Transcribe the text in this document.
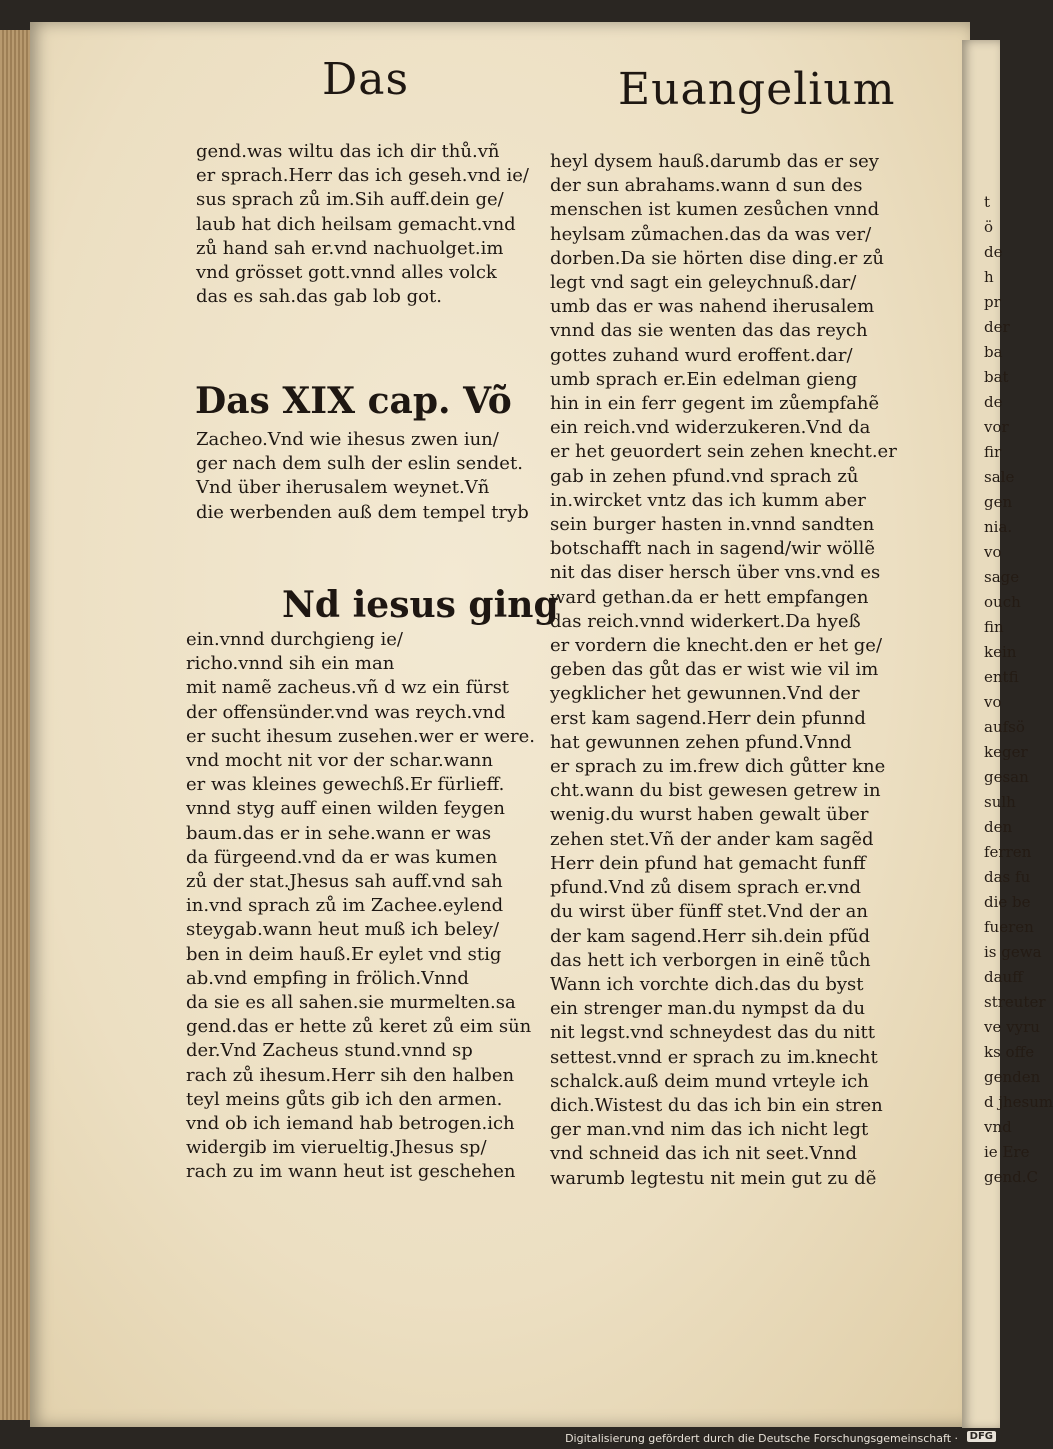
Das	Euangelium
gend.was wiltu das ich dir thů.vñ
er sprach.Herr das ich geseh.vnd ie/
sus sprach zů im.Sih auff.dein ge/
laub hat dich heilsam gemacht.vnd
zů hand sah er.vnd nachuolget.im
vnd grösset gott.vnnd alles volck
das es sah.das gab lob got.
Das XIX cap. Võ
Zacheo.Vnd wie ihesus zwen iun/
ger nach dem sulh der eslin sendet.
Vnd über iherusalem weynet.Vñ
die werbenden auß dem tempel tryb
Nd iesus ging
ein.vnnd durchgieng ie/
richo.vnnd sih ein man
mit namẽ zacheus.vñ d wz ein fürst
der offensünder.vnd was reych.vnd
er sucht ihesum zusehen.wer er were.
vnd mocht nit vor der schar.wann
er was kleines gewechß.Er fürlieff.
vnnd styg auff einen wilden feygen
baum.das er in sehe.wann er was
da fürgeend.vnd da er was kumen
zů der stat.Jhesus sah auff.vnd sah
in.vnd sprach zů im Zachee.eylend
steygab.wann heut muß ich beley/
ben in deim hauß.Er eylet vnd stig
ab.vnd empfing in frölich.Vnnd
da sie es all sahen.sie murmelten.sa
gend.das er hette zů keret zů eim sün
der.Vnd Zacheus stund.vnnd sp
rach zů ihesum.Herr sih den halben
teyl meins gůts gib ich den armen.
vnd ob ich iemand hab betrogen.ich
widergib im vierueltig.Jhesus sp/
rach zu im wann heut ist geschehen
heyl dysem hauß.darumb das er sey
der sun abrahams.wann d sun des
menschen ist kumen zesůchen vnnd
heylsam zůmachen.das da was ver/
dorben.Da sie hörten dise ding.er zů
legt vnd sagt ein geleychnuß.dar/
umb das er was nahend iherusalem
vnnd das sie wenten das das reych
gottes zuhand wurd eroffent.dar/
umb sprach er.Ein edelman gieng
hin in ein ferr gegent im zůempfahẽ
ein reich.vnd widerzukeren.Vnd da
er het geuordert sein zehen knecht.er
gab in zehen pfund.vnd sprach zů
in.wircket vntz das ich kumm aber
sein burger hasten in.vnnd sandten
botschafft nach in sagend/wir wöllẽ
nit das diser hersch über vns.vnd es
ward gethan.da er hett empfangen
das reich.vnnd widerkert.Da hyeß
er vordern die knecht.den er het ge/
geben das gůt das er wist wie vil im
yegklicher het gewunnen.Vnd der
erst kam sagend.Herr dein pfunnd
hat gewunnen zehen pfund.Vnnd
er sprach zu im.frew dich gůtter kne
cht.wann du bist gewesen getrew in
wenig.du wurst haben gewalt über
zehen stet.Vñ der ander kam sagẽd
Herr dein pfund hat gemacht funff
pfund.Vnd zů disem sprach er.vnd
du wirst über fünff stet.Vnd der an
der kam sagend.Herr sih.dein pfũd
das hett ich verborgen in einẽ tůch
Wann ich vorchte dich.das du byst
ein strenger man.du nympst da du
nit legst.vnd schneydest das du nitt
settest.vnnd er sprach zu im.knecht
schalck.auß deim mund vrteyle ich
dich.Wistest du das ich bin ein stren
ger man.vnd nim das ich nicht legt
vnd schneid das ich nit seet.Vnnd
warumb legtestu nit mein gut zu dẽ
t
ö
de
h
pr
der
ba
bat
de
vor
fir
sale
gen
nia.
vo
sage
ouch
fin
kein
entfi
vo
aufsö
keger
gesan
sulh
den
ferren
das fu
die be
fueren
is gewa
dauff
streuter
ve vyru
ks offe
genden
d jhesum
vnd
ie Ere
gend.C
Digitalisierung gefördert durch die Deutsche Forschungsgemeinschaft ·	DFG
